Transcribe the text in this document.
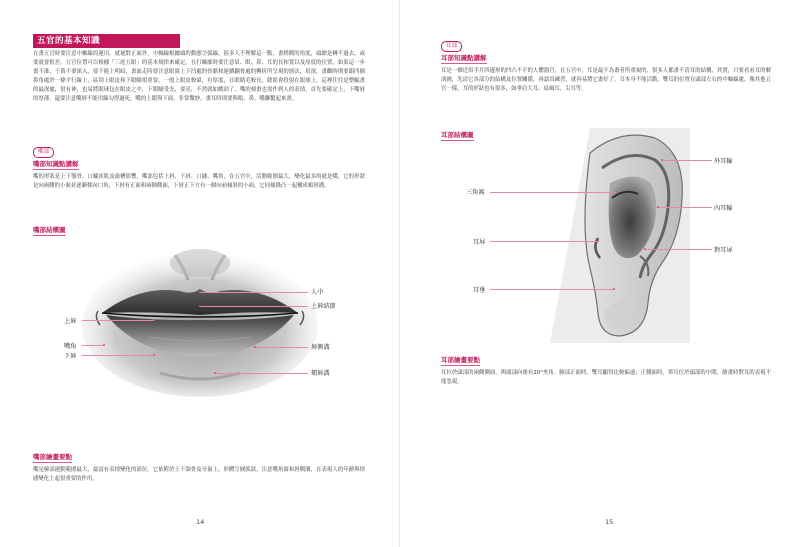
五官的基本知識
在畫五官時要注意中軸線的運用。就褪對正面外，中軸線根據頭的動態呈弧線，很多人不理解這一點，畫稍側的角度，頭總是轉不過去，或要就會很差。五官位置可以根據「三庭五眼」的基本規律來確定。在打輪廓時要注意眉、眼、鼻、耳的長和寬以及厚度的位置，如果這一步畫不准，千萬不要深入，要不能上明暗，畫面走時要注意眼窩上下凹處的骨骼和連續翻骨處的轉折所呈現的層次，眉深，畫觀時則要跟四個鼻角處於一條平行線上，區別上眼皮和下眼瞼很重要，一般上眼皮較暈，有厚度，且眼睛毛較長，陰影會投射在眼球上，這裡往往是整幅畫的最深處，很有神，也易將眼球包在眼皮之中，下眼瞼受光，要亮，不然就如戲劫了，嘴的刻畫也需作到人的表情，首先要確定上、下嘴唇的厚薄，還要注意嘴唇不能用線勾得過死，嘴的上眼與下面，非常微妙，畫耳時則要與眼、鼻、嘴聯繫起來畫。
嘴部
嘴部知識點講解
嘴的形狀是上下顎骨、口輪匝肌及齒槽影響，嘴部包括上唇、下唇、口縫、嘴角，在五官中，活動範圍最大，變化最多的就是嘴，它的形狀是向兩側的小面並逐漸移向口角，下唇有正面和兩個側面，下唇正下方有一個向前傾斜的小面，它同頦隆凸一起構成頦唇溝。
嘴部結構圖
人中
上唇結節
上唇
嘴角
下唇
唇側溝
頦唇溝
嘴部繪畫要點
嘴是臉部運動範圍最大、最富有表情變化的部位。它依附於上下頜骨及牙齒上，形體呈圓弧狀，注意嘴角窩和唇側溝，在表現人的年齡與情感變化上起很重要的作用。
14
耳部
耳部知識點講解
耳是一個近似半月四邊形的凹凸不平的人體器官，在五官中，耳是最不為畫者所重視的，很多人都畫不清耳的結構，其實，只要看看耳的解剖圖，先清它各部分的結構及位置關係，再認真練習，就容易將它畫好了。耳本身不能活動，雙耳的位置在頭部左右的中軸線處，像其他五官一樣，耳的形狀也有很多，如垂肩大耳、扇風耳、尖耳等。
耳部結構圖
外耳輪
三角窩
內耳輪
耳屏
對耳屏
耳垂
耳部繪畫要點
耳位於頭部的兩側側面，與頭部向後有20°夾角。臉部正面時，雙耳顯得比較偏遠；正側面時，單耳位於頭部的中間，繪畫時對耳的表現不能忽視。
15
